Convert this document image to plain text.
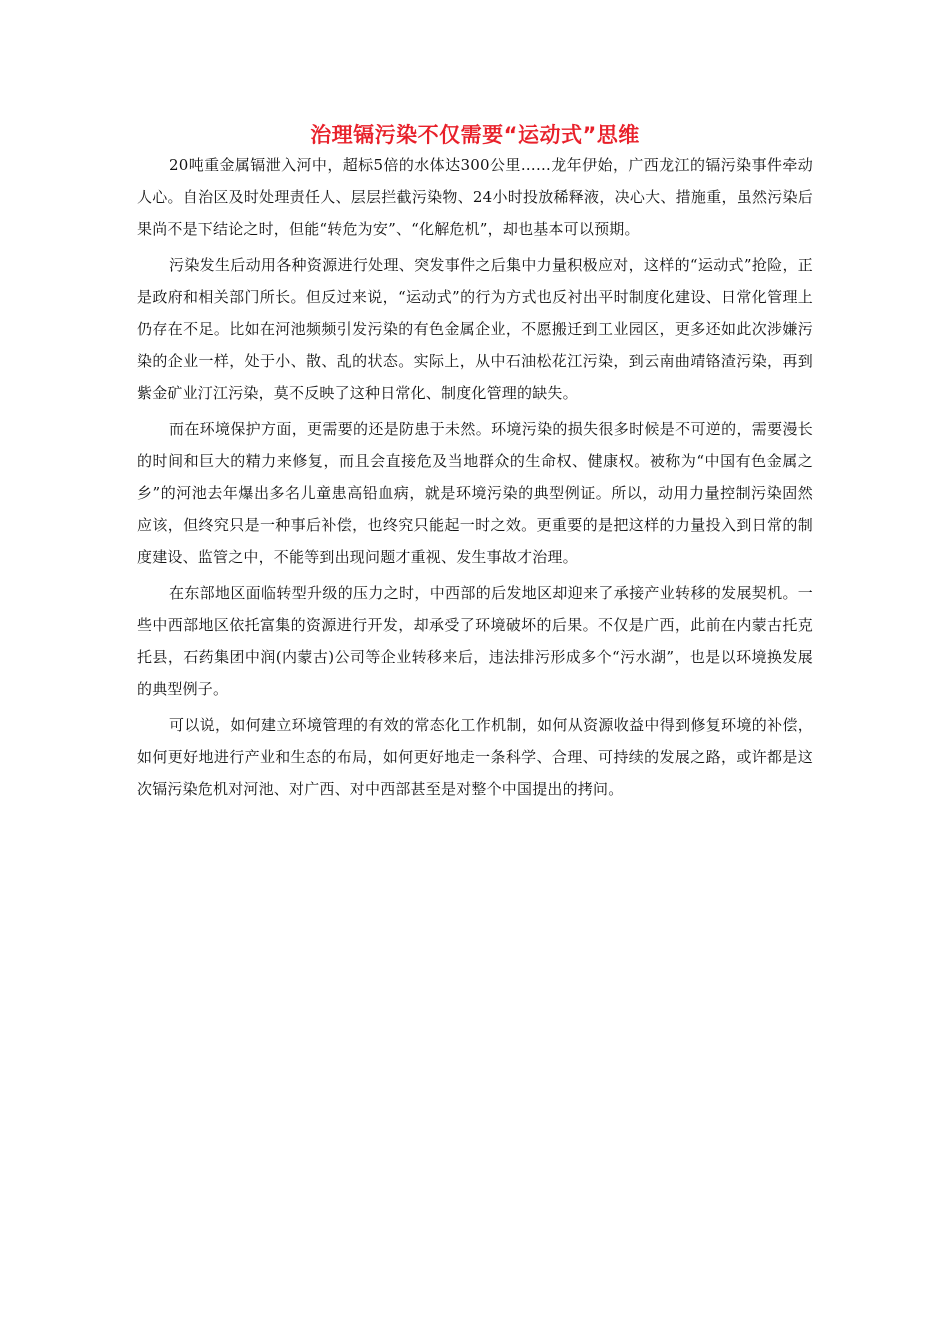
治理镉污染不仅需要“运动式”思维

20吨重金属镉泄入河中，超标5倍的水体达300公里……龙年伊始，广西龙江的镉污染事件牵动人心。自治区及时处理责任人、层层拦截污染物、24小时投放稀释液，决心大、措施重，虽然污染后果尚不是下结论之时，但能“转危为安”、“化解危机”，却也基本可以预期。

污染发生后动用各种资源进行处理、突发事件之后集中力量积极应对，这样的“运动式”抢险，正是政府和相关部门所长。但反过来说，“运动式”的行为方式也反衬出平时制度化建设、日常化管理上仍存在不足。比如在河池频频引发污染的有色金属企业，不愿搬迁到工业园区，更多还如此次涉嫌污染的企业一样，处于小、散、乱的状态。实际上，从中石油松花江污染，到云南曲靖铬渣污染，再到紫金矿业汀江污染，莫不反映了这种日常化、制度化管理的缺失。

而在环境保护方面，更需要的还是防患于未然。环境污染的损失很多时候是不可逆的，需要漫长的时间和巨大的精力来修复，而且会直接危及当地群众的生命权、健康权。被称为“中国有色金属之乡”的河池去年爆出多名儿童患高铅血病，就是环境污染的典型例证。所以，动用力量控制污染固然应该，但终究只是一种事后补偿，也终究只能起一时之效。更重要的是把这样的力量投入到日常的制度建设、监管之中，不能等到出现问题才重视、发生事故才治理。

在东部地区面临转型升级的压力之时，中西部的后发地区却迎来了承接产业转移的发展契机。一些中西部地区依托富集的资源进行开发，却承受了环境破坏的后果。不仅是广西，此前在内蒙古托克托县，石药集团中润(内蒙古)公司等企业转移来后，违法排污形成多个“污水湖”，也是以环境换发展的典型例子。

可以说，如何建立环境管理的有效的常态化工作机制，如何从资源收益中得到修复环境的补偿，如何更好地进行产业和生态的布局，如何更好地走一条科学、合理、可持续的发展之路，或许都是这次镉污染危机对河池、对广西、对中西部甚至是对整个中国提出的拷问。
